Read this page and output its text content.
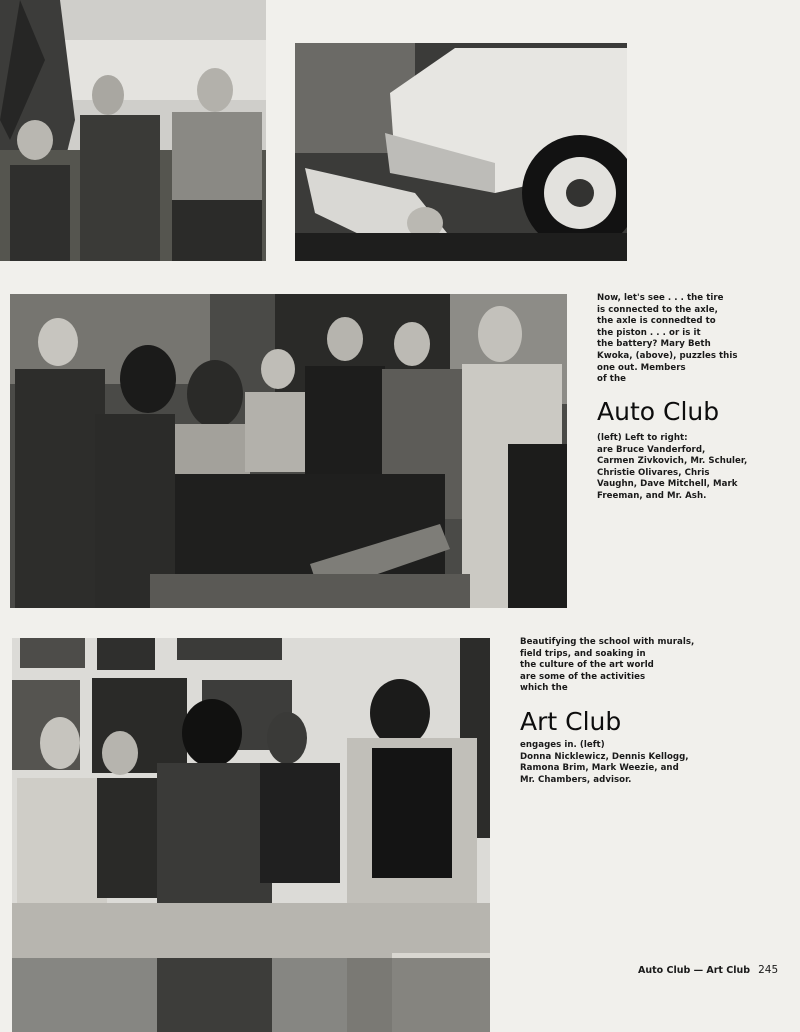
Now, let's see . . . the tire
is connected to the axle,
the axle is connedted to
the piston . . . or is it
the battery? Mary Beth
Kwoka, (above), puzzles this
one out. Members
of the
Auto Club
(left) Left to right:
are Bruce Vanderford,
Carmen Zivkovich, Mr. Schuler,
Christie Olivares, Chris
Vaughn, Dave Mitchell, Mark
Freeman, and Mr. Ash.
Beautifying the school with murals,
field trips, and soaking in
the culture of the art world
are some of the activities
which the
Art Club
engages in. (left)
Donna Nicklewicz, Dennis Kellogg,
Ramona Brim, Mark Weezie, and
Mr. Chambers, advisor.
Auto Club — Art Club 245
